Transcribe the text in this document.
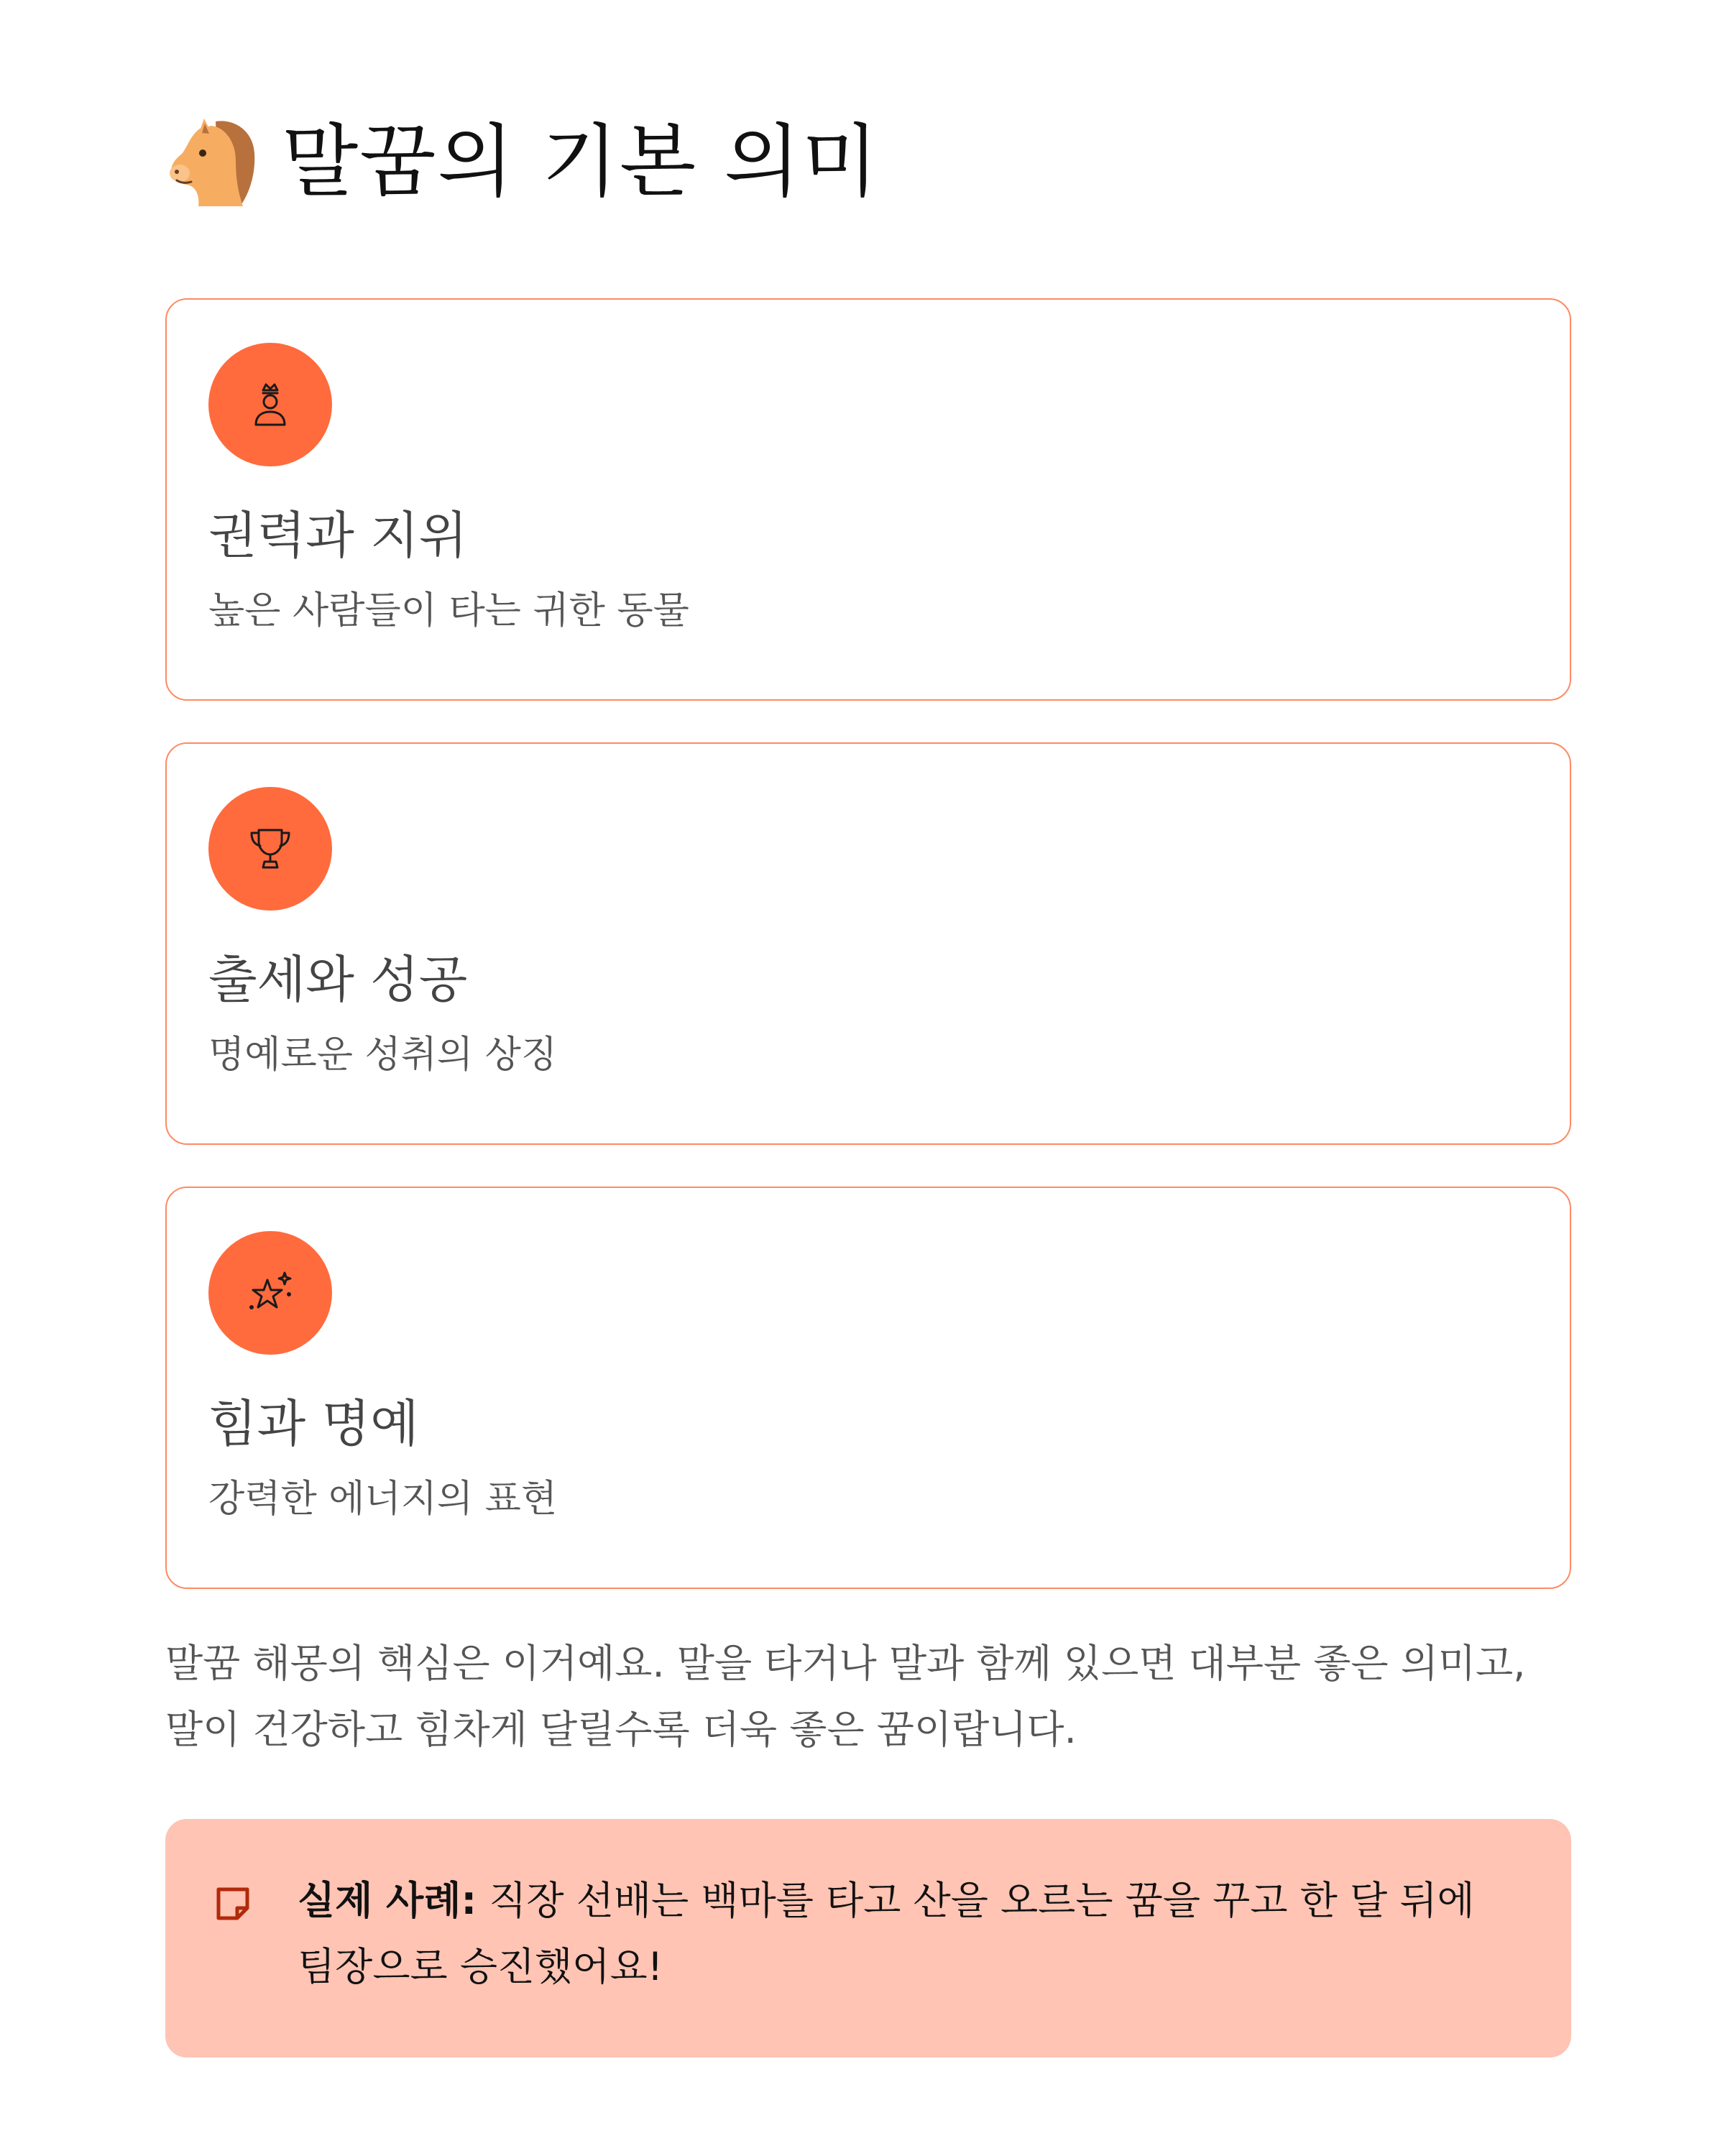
말꿈의 기본 의미
권력과 지위
높은 사람들이 타는 귀한 동물
출세와 성공
명예로운 성취의 상징
힘과 명예
강력한 에너지의 표현
말꿈 해몽의 핵심은 이거예요. 말을 타거나 말과 함께 있으면 대부분 좋은 의미고, 말이 건강하고 힘차게 달릴수록 더욱 좋은 꿈이랍니다.
실제 사례: 직장 선배는 백마를 타고 산을 오르는 꿈을 꾸고 한 달 뒤에 팀장으로 승진했어요!
